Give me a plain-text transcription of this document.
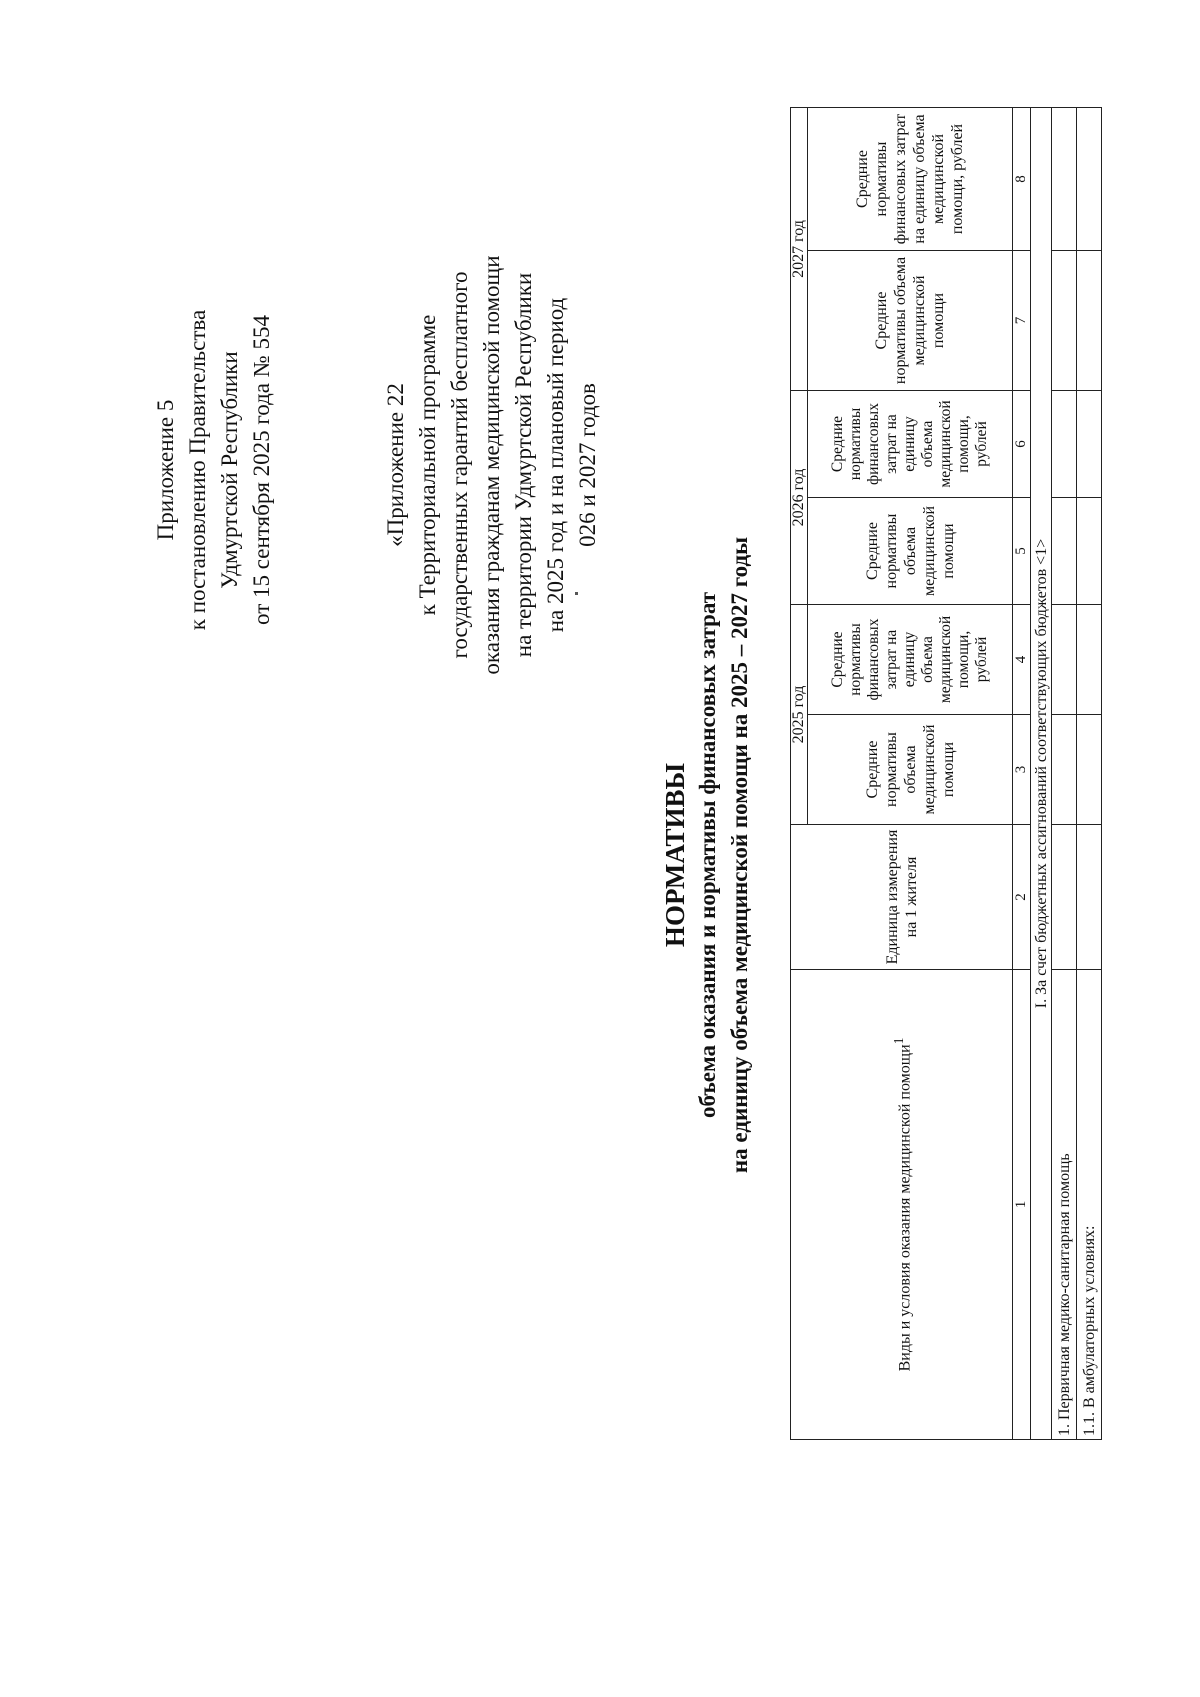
Приложение 5 к постановлению Правительства Удмуртской Республики от 15 сентября 2025 года № 554	«Приложение 22 к Территориальной программе государственных гарантий бесплатного оказания гражданам медицинской помощи на территории Удмуртской Республики на 2025 год и на плановый период 026 и 2027 годов
НОРМАТИВЫ объема оказания и нормативы финансовых затрат на единицу объема медицинской помощи на 2025 – 2027 годы
Виды и условия оказания медицинской помощи$^1$	Единица измерения на 1 жителя	2025 год		2026 год		2027 год	
		Средние нормативы объема медицинской помощи	Средние нормативы финансовых затрат на единицу объема медицинской помощи, рублей	Средние нормативы объема медицинской помощи	Средние нормативы финансовых затрат на единицу объема медицинской помощи, рублей	Средние нормативы объема медицинской помощи	Средние нормативы финансовых затрат на единицу объема медицинской помощи, рублей
1	2	3	4	5	6	7	8
I. За счет бюджетных ассигнований соответствующих бюджетов <1>							
1. Первичная медико-санитарная помощь							
1.1. В амбулаторных условиях:							
